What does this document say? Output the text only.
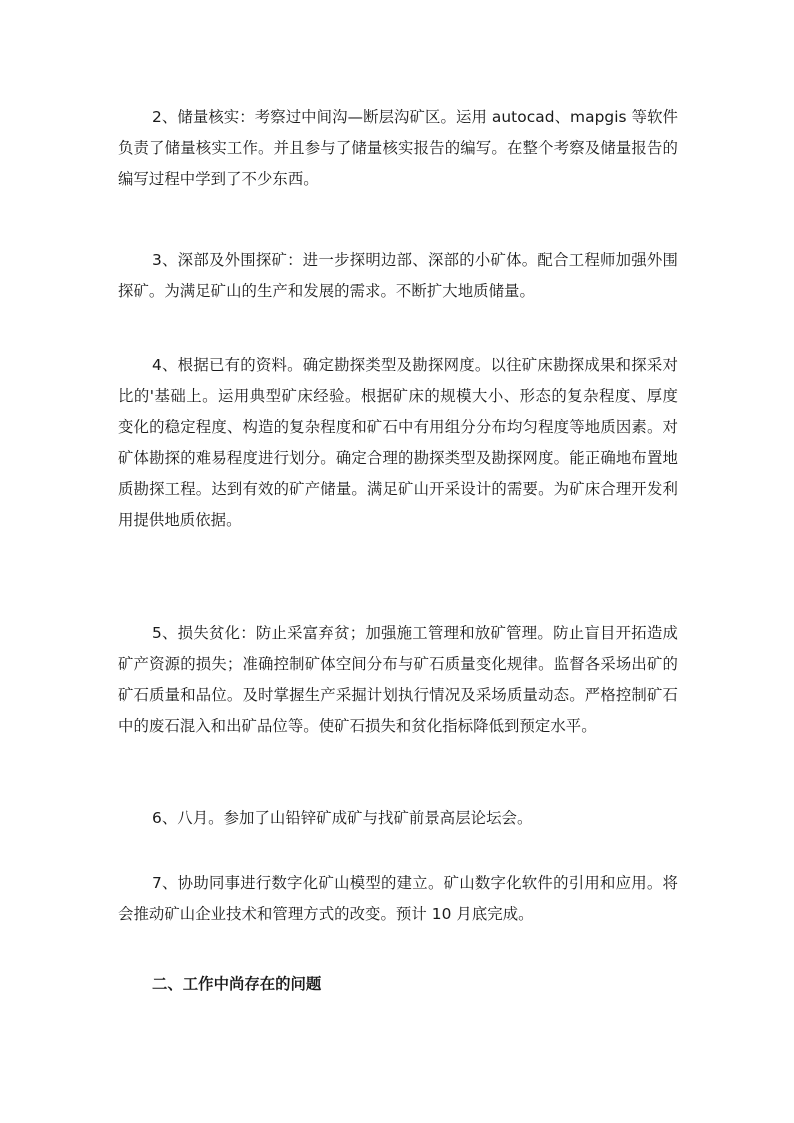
2、储量核实：考察过中间沟—断层沟矿区。运用 autocad、mapgis 等软件负责了储量核实工作。并且参与了储量核实报告的编写。在整个考察及储量报告的编写过程中学到了不少东西。

3、深部及外围探矿：进一步探明边部、深部的小矿体。配合工程师加强外围探矿。为满足矿山的生产和发展的需求。不断扩大地质储量。

4、根据已有的资料。确定勘探类型及勘探网度。以往矿床勘探成果和探采对比的'基础上。运用典型矿床经验。根据矿床的规模大小、形态的复杂程度、厚度变化的稳定程度、构造的复杂程度和矿石中有用组分分布均匀程度等地质因素。对矿体勘探的难易程度进行划分。确定合理的勘探类型及勘探网度。能正确地布置地质勘探工程。达到有效的矿产储量。满足矿山开采设计的需要。为矿床合理开发利用提供地质依据。

5、损失贫化：防止采富弃贫；加强施工管理和放矿管理。防止盲目开拓造成矿产资源的损失；准确控制矿体空间分布与矿石质量变化规律。监督各采场出矿的矿石质量和品位。及时掌握生产采掘计划执行情况及采场质量动态。严格控制矿石中的废石混入和出矿品位等。使矿石损失和贫化指标降低到预定水平。

6、八月。参加了山铅锌矿成矿与找矿前景高层论坛会。

7、协助同事进行数字化矿山模型的建立。矿山数字化软件的引用和应用。将会推动矿山企业技术和管理方式的改变。预计 10 月底完成。

二、工作中尚存在的问题
